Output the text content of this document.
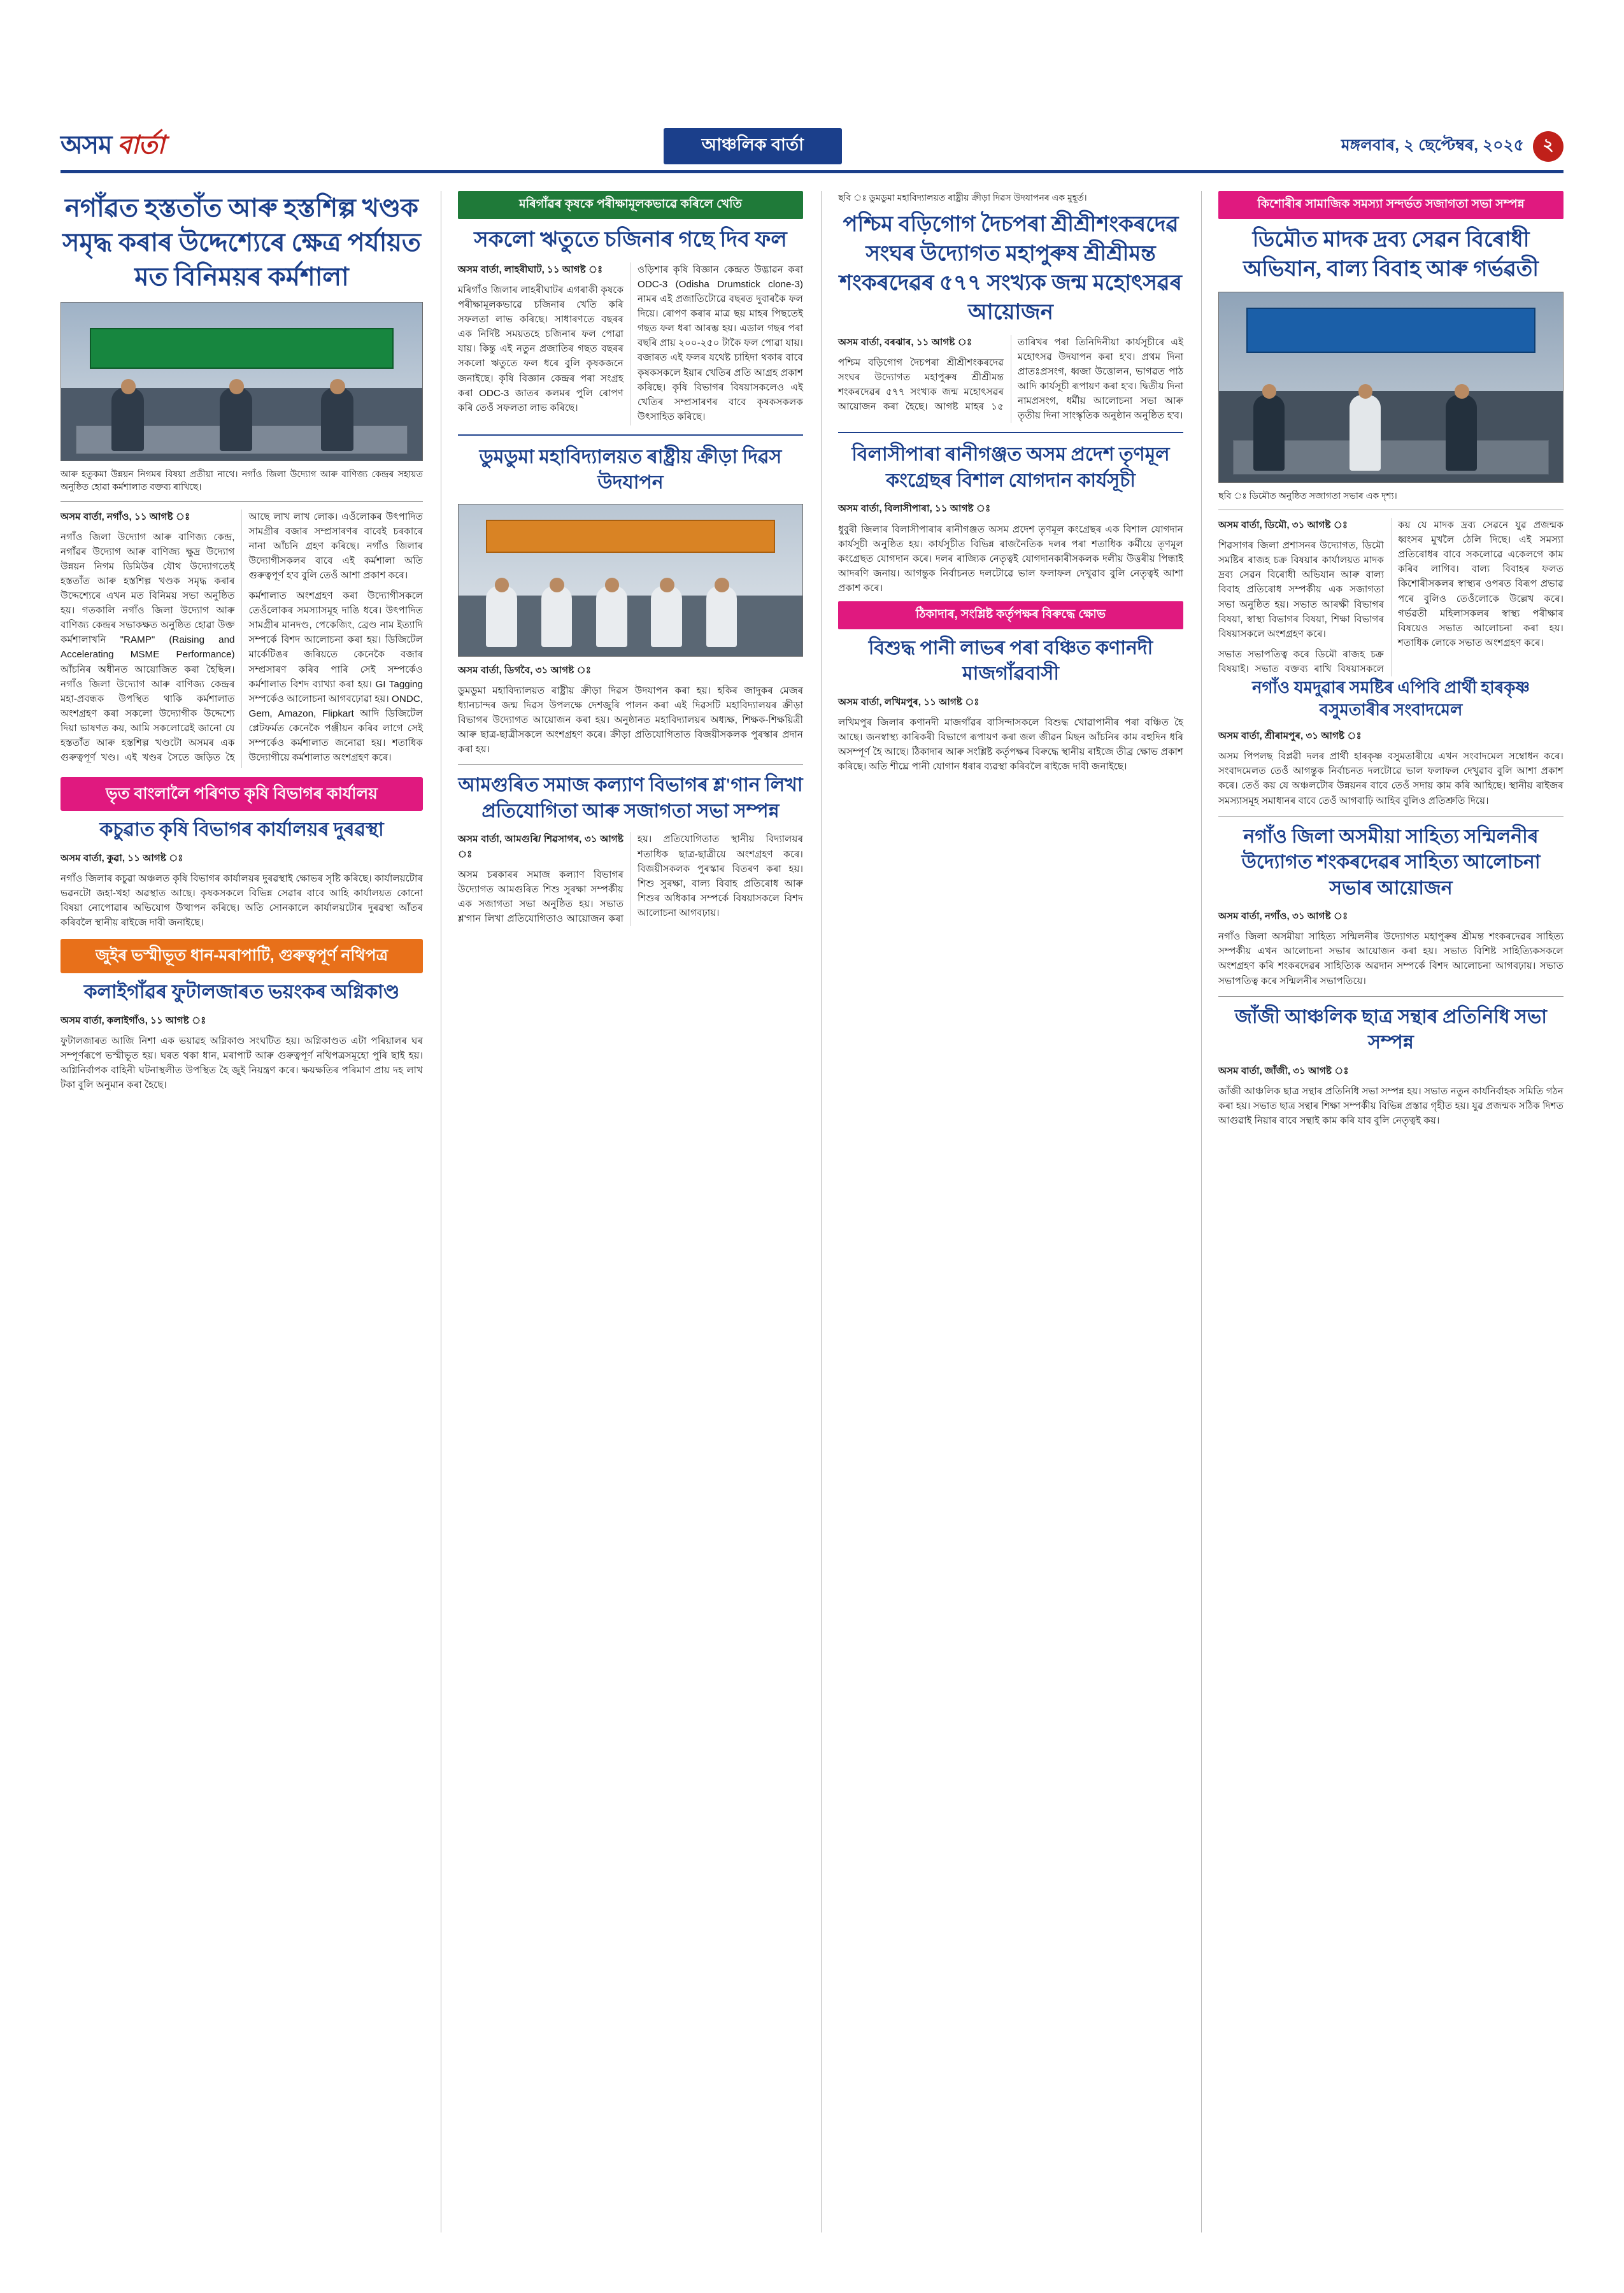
অসম বাৰ্তা	আঞ্চলিক বাৰ্তা	মঙ্গলবাৰ, ২ ছেপ্টেম্বৰ, ২০২৫	২
নগাঁৱত হস্ততাঁত আৰু হস্তশিল্প খণ্ডক সমৃদ্ধ কৰাৰ উদ্দেশ্যেৰে ক্ষেত্ৰ পৰ্যায়ত মত বিনিময়ৰ কৰ্মশালা
আৰু হতুকমা উন্নয়ন নিগমৰ বিষয়া প্ৰতীয়া নাথে। নগাঁও জিলা উদ্যোগ আৰু বাণিজ্য কেন্দ্ৰৰ সহায়ত অনুষ্ঠিত হোৱা কৰ্মশালাত বক্তব্য ৰাখিছে।

অসম বাৰ্তা, নগাঁও, ১১ আগষ্ট ঃ

নগাঁও জিলা উদ্যোগ আৰু বাণিজ্য কেন্দ্ৰ, নগাঁৱৰ উদ্যোগ আৰু বাণিজ্য ক্ষুদ্ৰ উদ্যোগ উন্নয়ন নিগম ডিমিউৰ যৌথ উদ্যোগতেই হস্ততাঁত আৰু হস্তশিল্প খণ্ডক সমৃদ্ধ কৰাৰ উদ্দেশ্যেৰে এখন মত বিনিময় সভা অনুষ্ঠিত হয়। গতকালি নগাঁও জিলা উদ্যোগ আৰু বাণিজ্য কেন্দ্ৰৰ সভাকক্ষত অনুষ্ঠিত হোৱা উক্ত কৰ্মশালাখনি "RAMP" (Raising and Accelerating MSME Performance) আঁচনিৰ অধীনত আয়োজিত কৰা হৈছিল। নগাঁও জিলা উদ্যোগ আৰু বাণিজ্য কেন্দ্ৰৰ মহা-প্ৰবন্ধক উপস্থিত থাকি কৰ্মশালাত অংশগ্ৰহণ কৰা সকলো উদ্যোগীক উদ্দেশ্যে দিয়া ভাষণত কয়, আমি সকলোৱেই জানো যে হস্ততাঁত আৰু হস্তশিল্প খণ্ডটো অসমৰ এক গুৰুত্বপূৰ্ণ খণ্ড। এই খণ্ডৰ সৈতে জড়িত হৈ আছে লাখ লাখ লোক। এওঁলোকৰ উৎপাদিত সামগ্ৰীৰ বজাৰ সম্প্ৰসাৰণৰ বাবেই চৰকাৰে নানা আঁচনি গ্ৰহণ কৰিছে। নগাঁও জিলাৰ উদ্যোগীসকলৰ বাবে এই কৰ্মশালা অতি গুৰুত্বপূৰ্ণ হ'ব বুলি তেওঁ আশা প্ৰকাশ কৰে।

কৰ্মশালাত অংশগ্ৰহণ কৰা উদ্যোগীসকলে তেওঁলোকৰ সমস্যাসমূহ দাঙি ধৰে। উৎপাদিত সামগ্ৰীৰ মানদণ্ড, পেকেজিং, ব্ৰেণ্ড নাম ইত্যাদি সম্পৰ্কে বিশদ আলোচনা কৰা হয়। ডিজিটেল মাৰ্কেটিঙৰ জৰিয়তে কেনেকৈ বজাৰ সম্প্ৰসাৰণ কৰিব পাৰি সেই সম্পৰ্কেও কৰ্মশালাত বিশদ ব্যাখ্যা কৰা হয়। GI Tagging সম্পৰ্কেও আলোচনা আগবঢ়োৱা হয়। ONDC, Gem, Amazon, Flipkart আদি ডিজিটেল প্লেটফৰ্মত কেনেকৈ পঞ্জীয়ন কৰিব লাগে সেই সম্পৰ্কেও কৰ্মশালাত জনোৱা হয়। শতাধিক উদ্যোগীয়ে কৰ্মশালাত অংশগ্ৰহণ কৰে।

ভৃত বাংলালৈ পৰিণত কৃষি বিভাগৰ কাৰ্যালয়
কচুৱাত কৃষি বিভাগৰ কাৰ্যালয়ৰ দুৰৱস্থা

অসম বাৰ্তা, কুৱা, ১১ আগষ্ট ঃ

নগাঁও জিলাৰ কচুৱা অঞ্চলত কৃষি বিভাগৰ কাৰ্যালয়ৰ দুৰৱস্থাই ক্ষোভৰ সৃষ্টি কৰিছে। কাৰ্যালয়টোৰ ভৱনটো জহা-খহা অৱস্থাত আছে। কৃষকসকলে বিভিন্ন সেৱাৰ বাবে আহি কাৰ্যালয়ত কোনো বিষয়া নোপোৱাৰ অভিযোগ উত্থাপন কৰিছে। অতি সোনকালে কাৰ্যালয়টোৰ দুৰৱস্থা আঁতৰ কৰিবলৈ স্থানীয় ৰাইজে দাবী জনাইছে।

জুইৰ ভস্মীভূত ধান-মৰাপাটি, গুৰুত্বপূৰ্ণ নথিপত্ৰ
কলাইগাঁৱৰ ফুটালজাৰত ভয়ংকৰ অগ্নিকাণ্ড

অসম বাৰ্তা, কলাইগাঁও, ১১ আগষ্ট ঃ

ফুটালজাৰত আজি নিশা এক ভয়াৱহ অগ্নিকাণ্ড সংঘটিত হয়। অগ্নিকাণ্ডত এটা পৰিয়ালৰ ঘৰ সম্পূৰ্ণৰূপে ভস্মীভূত হয়। ঘৰত থকা ধান, মৰাপাট আৰু গুৰুত্বপূৰ্ণ নথিপত্ৰসমূহো পুৰি ছাই হয়। অগ্নিনিৰ্বাপক বাহিনী ঘটনাস্থলীত উপস্থিত হৈ জুই নিয়ন্ত্ৰণ কৰে। ক্ষয়ক্ষতিৰ পৰিমাণ প্ৰায় দহ লাখ টকা বুলি অনুমান কৰা হৈছে।

মৰিগাঁৱৰ কৃষকে পৰীক্ষামূলকভাৱে কৰিলে খেতি
সকলো ঋতুতে চজিনাৰ গছে দিব ফল

অসম বাৰ্তা, লাহৰীঘাট, ১১ আগষ্ট ঃ

মৰিগাঁও জিলাৰ লাহৰীঘাটৰ এগৰাকী কৃষকে পৰীক্ষামূলকভাৱে চজিনাৰ খেতি কৰি সফলতা লাভ কৰিছে। সাধাৰণতে বছৰৰ এক নিৰ্দিষ্ট সময়তহে চজিনাৰ ফল পোৱা যায়। কিন্তু এই নতুন প্ৰজাতিৰ গছত বছৰৰ সকলো ঋতুতে ফল ধৰে বুলি কৃষকজনে জনাইছে। কৃষি বিজ্ঞান কেন্দ্ৰৰ পৰা সংগ্ৰহ কৰা ODC-3 জাতৰ কলমৰ পুলি ৰোপণ কৰি তেওঁ সফলতা লাভ কৰিছে।

ওড়িশাৰ কৃষি বিজ্ঞান কেন্দ্ৰত উদ্ভাৱন কৰা ODC-3 (Odisha Drumstick clone-3) নামৰ এই প্ৰজাতিটোৱে বছৰত দুবাৰকৈ ফল দিয়ে। ৰোপণ কৰাৰ মাত্ৰ ছয় মাহৰ পিছতেই গছত ফল ধৰা আৰম্ভ হয়। এডাল গছৰ পৰা বছৰি প্ৰায় ২০০-২৫০ টাকৈ ফল পোৱা যায়। বজাৰত এই ফলৰ যথেষ্ট চাহিদা থকাৰ বাবে কৃষকসকলে ইয়াৰ খেতিৰ প্ৰতি আগ্ৰহ প্ৰকাশ কৰিছে। কৃষি বিভাগৰ বিষয়াসকলেও এই খেতিৰ সম্প্ৰসাৰণৰ বাবে কৃষকসকলক উৎসাহিত কৰিছে।

ডুমডুমা মহাবিদ্যালয়ত ৰাষ্ট্ৰীয় ক্ৰীড়া দিৱস উদযাপন

অসম বাৰ্তা, ডিগবৈ, ৩১ আগষ্ট ঃ

ডুমডুমা মহাবিদ্যালয়ত ৰাষ্ট্ৰীয় ক্ৰীড়া দিৱস উদযাপন কৰা হয়। হকিৰ জাদুকৰ মেজৰ ধ্যানচান্দৰ জন্ম দিৱস উপলক্ষে দেশজুৰি পালন কৰা এই দিৱসটি মহাবিদ্যালয়ৰ ক্ৰীড়া বিভাগৰ উদ্যোগত আয়োজন কৰা হয়। অনুষ্ঠানত মহাবিদ্যালয়ৰ অধ্যক্ষ, শিক্ষক-শিক্ষয়িত্ৰী আৰু ছাত্ৰ-ছাত্ৰীসকলে অংশগ্ৰহণ কৰে। ক্ৰীড়া প্ৰতিযোগিতাত বিজয়ীসকলক পুৰস্কাৰ প্ৰদান কৰা হয়।

আমগুৰিত সমাজ কল্যাণ বিভাগৰ শ্ল'গান লিখা প্ৰতিযোগিতা আৰু সজাগতা সভা সম্পন্ন

অসম বাৰ্তা, আমগুৰি/ শিৱসাগৰ, ৩১ আগষ্ট ঃ

অসম চৰকাৰৰ সমাজ কল্যাণ বিভাগৰ উদ্যোগত আমগুৰিত শিশু সুৰক্ষা সম্পৰ্কীয় এক সজাগতা সভা অনুষ্ঠিত হয়। সভাত শ্ল'গান লিখা প্ৰতিযোগিতাও আয়োজন কৰা হয়। প্ৰতিযোগিতাত স্থানীয় বিদ্যালয়ৰ শতাধিক ছাত্ৰ-ছাত্ৰীয়ে অংশগ্ৰহণ কৰে। বিজয়ীসকলক পুৰস্কাৰ বিতৰণ কৰা হয়। শিশু সুৰক্ষা, বাল্য বিবাহ প্ৰতিৰোধ আৰু শিশুৰ অধিকাৰ সম্পৰ্কে বিষয়াসকলে বিশদ আলোচনা আগবঢ়ায়।

ছবি ঃ ডুমডুমা মহাবিদ্যালয়ত ৰাষ্ট্ৰীয় ক্ৰীড়া দিৱস উদযাপনৰ এক মুহূৰ্ত।
পশ্চিম বড়িগোগ দৈচপৰা শ্ৰীশ্ৰীশংকৰদেৱ সংঘৰ উদ্যোগত মহাপুৰুষ শ্ৰীশ্ৰীমন্ত শংকৰদেৱৰ ৫৭৭ সংখ্যক জন্ম মহোৎসৱৰ আয়োজন

অসম বাৰ্তা, বৰঝাৰ, ১১ আগষ্ট ঃ

পশ্চিম বড়িগোগ দৈচপৰা শ্ৰীশ্ৰীশংকৰদেৱ সংঘৰ উদ্যোগত মহাপুৰুষ শ্ৰীশ্ৰীমন্ত শংকৰদেৱৰ ৫৭৭ সংখ্যক জন্ম মহোৎসৱৰ আয়োজন কৰা হৈছে। আগষ্ট মাহৰ ১৫ তাৰিখৰ পৰা তিনিদিনীয়া কাৰ্যসূচীৰে এই মহোৎসৱ উদযাপন কৰা হ'ব। প্ৰথম দিনা প্ৰাতঃপ্ৰসংগ, ধ্বজা উত্তোলন, ভাগৱত পাঠ আদি কাৰ্যসূচী ৰূপায়ণ কৰা হ'ব। দ্বিতীয় দিনা নামপ্ৰসংগ, ধৰ্মীয় আলোচনা সভা আৰু তৃতীয় দিনা সাংস্কৃতিক অনুষ্ঠান অনুষ্ঠিত হ'ব।

বিলাসীপাৰা ৰানীগঞ্জত অসম প্ৰদেশ তৃণমূল কংগ্ৰেছৰ বিশাল যোগদান কাৰ্যসূচী

অসম বাৰ্তা, বিলাসীপাৰা, ১১ আগষ্ট ঃ

ধুবুৰী জিলাৰ বিলাসীপাৰাৰ ৰানীগঞ্জত অসম প্ৰদেশ তৃণমূল কংগ্ৰেছৰ এক বিশাল যোগদান কাৰ্যসূচী অনুষ্ঠিত হয়। কাৰ্যসূচীত বিভিন্ন ৰাজনৈতিক দলৰ পৰা শতাধিক কৰ্মীয়ে তৃণমূল কংগ্ৰেছত যোগদান কৰে। দলৰ ৰাজ্যিক নেতৃত্বই যোগদানকাৰীসকলক দলীয় উত্তৰীয় পিন্ধাই আদৰণি জনায়। আগন্তুক নিৰ্বাচনত দলটোৱে ভাল ফলাফল দেখুৱাব বুলি নেতৃত্বই আশা প্ৰকাশ কৰে।

ঠিকাদাৰ, সংশ্লিষ্ট কৰ্তৃপক্ষৰ বিৰুদ্ধে ক্ষোভ
বিশুদ্ধ পানী লাভৰ পৰা বঞ্চিত কণানদী মাজগাঁৱবাসী

অসম বাৰ্তা, লখিমপুৰ, ১১ আগষ্ট ঃ

লখিমপুৰ জিলাৰ কণানদী মাজগাঁৱৰ বাসিন্দাসকলে বিশুদ্ধ খোৱাপানীৰ পৰা বঞ্চিত হৈ আছে। জনস্বাস্থ্য কাৰিকৰী বিভাগে ৰূপায়ণ কৰা জল জীৱন মিছন আঁচনিৰ কাম বহুদিন ধৰি অসম্পূৰ্ণ হৈ আছে। ঠিকাদাৰ আৰু সংশ্লিষ্ট কৰ্তৃপক্ষৰ বিৰুদ্ধে স্থানীয় ৰাইজে তীব্ৰ ক্ষোভ প্ৰকাশ কৰিছে। অতি শীঘ্ৰে পানী যোগান ধৰাৰ ব্যৱস্থা কৰিবলৈ ৰাইজে দাবী জনাইছে।

কিশোৰীৰ সামাজিক সমস্যা সন্দৰ্ভত সজাগতা সভা সম্পন্ন
ডিমৌত মাদক দ্ৰব্য সেৱন বিৰোধী অভিযান, বাল্য বিবাহ আৰু গৰ্ভৱতী
ছবি ঃ ডিমৌত অনুষ্ঠিত সজাগতা সভাৰ এক দৃশ্য।

অসম বাৰ্তা, ডিমৌ, ৩১ আগষ্ট ঃ

শিৱসাগৰ জিলা প্ৰশাসনৰ উদ্যোগত, ডিমৌ সমষ্টিৰ ৰাজহ চক্ৰ বিষয়াৰ কাৰ্যালয়ত মাদক দ্ৰব্য সেৱন বিৰোধী অভিযান আৰু বাল্য বিবাহ প্ৰতিৰোধ সম্পৰ্কীয় এক সজাগতা সভা অনুষ্ঠিত হয়। সভাত আৰক্ষী বিভাগৰ বিষয়া, স্বাস্থ্য বিভাগৰ বিষয়া, শিক্ষা বিভাগৰ বিষয়াসকলে অংশগ্ৰহণ কৰে।

সভাত সভাপতিত্ব কৰে ডিমৌ ৰাজহ চক্ৰ বিষয়াই। সভাত বক্তব্য ৰাখি বিষয়াসকলে কয় যে মাদক দ্ৰব্য সেৱনে যুৱ প্ৰজন্মক ধ্বংসৰ মুখলৈ ঠেলি দিছে। এই সমস্যা প্ৰতিৰোধৰ বাবে সকলোৱে একেলগে কাম কৰিব লাগিব। বাল্য বিবাহৰ ফলত কিশোৰীসকলৰ স্বাস্থ্যৰ ওপৰত বিৰূপ প্ৰভাৱ পৰে বুলিও তেওঁলোকে উল্লেখ কৰে। গৰ্ভৱতী মহিলাসকলৰ স্বাস্থ্য পৰীক্ষাৰ বিষয়েও সভাত আলোচনা কৰা হয়। শতাধিক লোকে সভাত অংশগ্ৰহণ কৰে।

নগাঁও যমদুৱাৰ সমষ্টিৰ এপিবি প্ৰাৰ্থী হাৰকৃষ্ণ বসুমতাৰীৰ সংবাদমেল

অসম বাৰ্তা, শ্ৰীৰামপুৰ, ৩১ আগষ্ট ঃ

অসম পিপলছ বিপ্লৱী দলৰ প্ৰাৰ্থী হাৰকৃষ্ণ বসুমতাৰীয়ে এখন সংবাদমেল সম্বোধন কৰে। সংবাদমেলত তেওঁ আগন্তুক নিৰ্বাচনত দলটোৱে ভাল ফলাফল দেখুৱাব বুলি আশা প্ৰকাশ কৰে। তেওঁ কয় যে অঞ্চলটোৰ উন্নয়নৰ বাবে তেওঁ সদায় কাম কৰি আহিছে। স্থানীয় ৰাইজৰ সমস্যাসমূহ সমাধানৰ বাবে তেওঁ আগবাঢ়ি আহিব বুলিও প্ৰতিশ্ৰুতি দিয়ে।

নগাঁও জিলা অসমীয়া সাহিত্য সন্মিলনীৰ উদ্যোগত শংকৰদেৱৰ সাহিত্য আলোচনা সভাৰ আয়োজন

অসম বাৰ্তা, নগাঁও, ৩১ আগষ্ট ঃ

নগাঁও জিলা অসমীয়া সাহিত্য সন্মিলনীৰ উদ্যোগত মহাপুৰুষ শ্ৰীমন্ত শংকৰদেৱৰ সাহিত্য সম্পৰ্কীয় এখন আলোচনা সভাৰ আয়োজন কৰা হয়। সভাত বিশিষ্ট সাহিত্যিকসকলে অংশগ্ৰহণ কৰি শংকৰদেৱৰ সাহিত্যিক অৱদান সম্পৰ্কে বিশদ আলোচনা আগবঢ়ায়। সভাত সভাপতিত্ব কৰে সন্মিলনীৰ সভাপতিয়ে।

জাঁজী আঞ্চলিক ছাত্ৰ সন্থাৰ প্ৰতিনিধি সভা সম্পন্ন

অসম বাৰ্তা, জাঁজী, ৩১ আগষ্ট ঃ

জাঁজী আঞ্চলিক ছাত্ৰ সন্থাৰ প্ৰতিনিধি সভা সম্পন্ন হয়। সভাত নতুন কাৰ্যনিৰ্বাহক সমিতি গঠন কৰা হয়। সভাত ছাত্ৰ সন্থাৰ শিক্ষা সম্পৰ্কীয় বিভিন্ন প্ৰস্তাৱ গৃহীত হয়। যুৱ প্ৰজন্মক সঠিক দিশত আগুৱাই নিয়াৰ বাবে সন্থাই কাম কৰি যাব বুলি নেতৃত্বই কয়।
